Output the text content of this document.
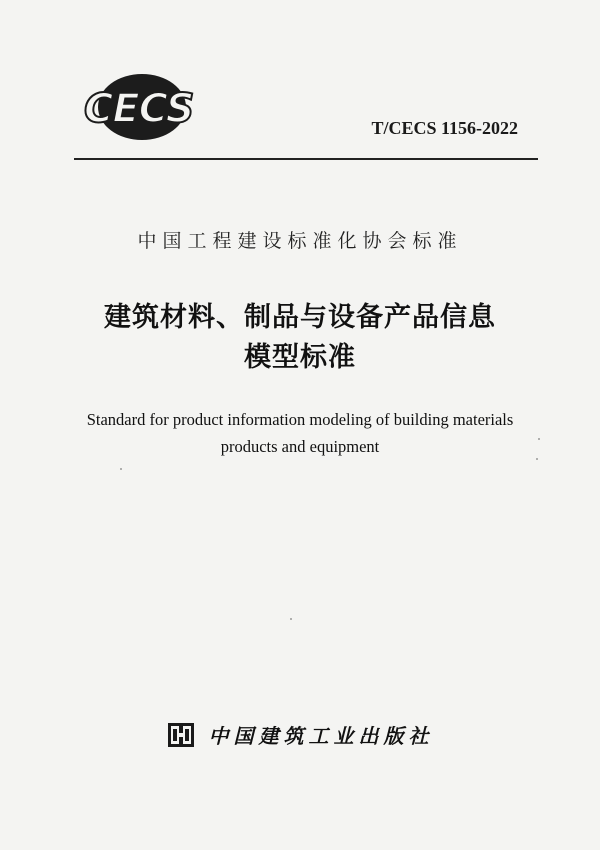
CECS	T/CECS 1156-2022
中国工程建设标准化协会标准
建筑材料、制品与设备产品信息
模型标准
Standard for product information modeling of building materials
products and equipment
中国建筑工业出版社
